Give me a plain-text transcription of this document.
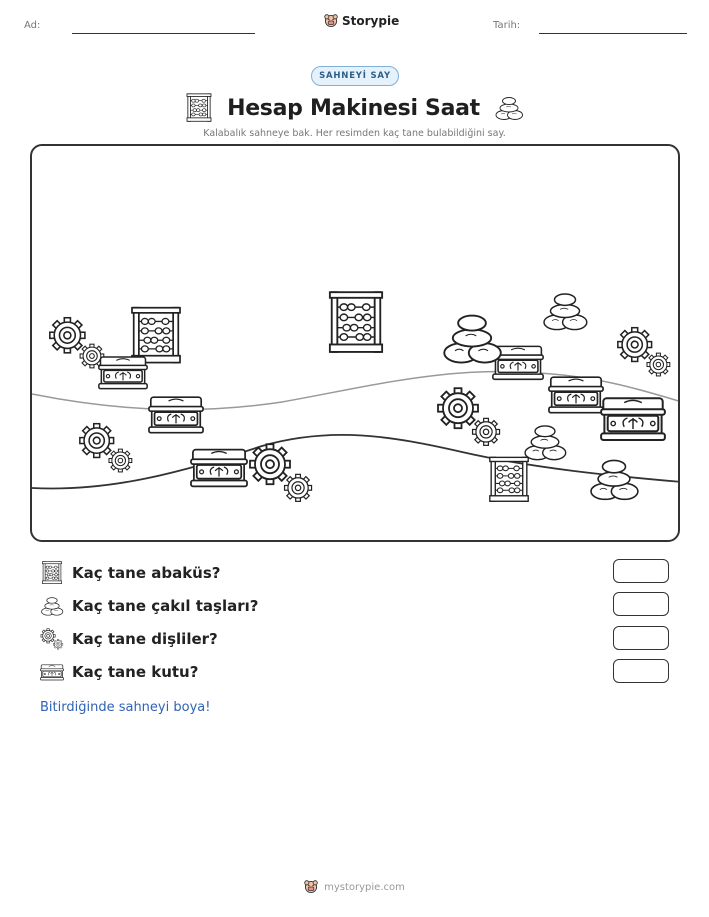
Ad:	Storypie	Tarih:
SAHNEYİ SAY
Hesap Makinesi Saat
Kalabalık sahneye bak. Her resimden kaç tane bulabildiğini say.
Kaç tane abaküs?
Kaç tane çakıl taşları?
Kaç tane dişliler?
Kaç tane kutu?
Bitirdiğinde sahneyi boya!
mystorypie.com
